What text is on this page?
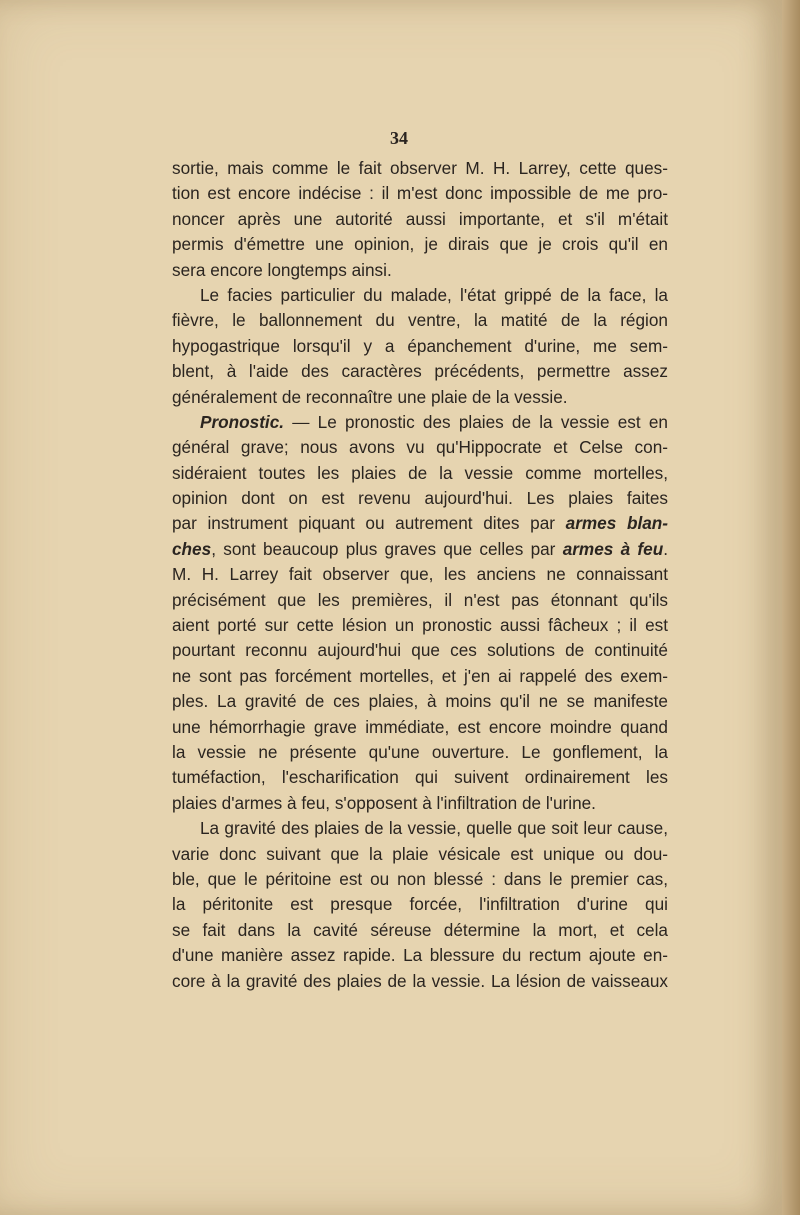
34
sortie, mais comme le fait observer M. H. Larrey, cette ques-
tion est encore indécise : il m'est donc impossible de me pro-
noncer après une autorité aussi importante, et s'il m'était
permis d'émettre une opinion, je dirais que je crois qu'il en
sera encore longtemps ainsi.
Le facies particulier du malade, l'état grippé de la face, la
fièvre, le ballonnement du ventre, la matité de la région
hypogastrique lorsqu'il y a épanchement d'urine, me sem-
blent, à l'aide des caractères précédents, permettre assez
généralement de reconnaître une plaie de la vessie.
Pronostic. — Le pronostic des plaies de la vessie est en
général grave; nous avons vu qu'Hippocrate et Celse con-
sidéraient toutes les plaies de la vessie comme mortelles,
opinion dont on est revenu aujourd'hui. Les plaies faites
par instrument piquant ou autrement dites par armes blan-
ches, sont beaucoup plus graves que celles par armes à feu.
M. H. Larrey fait observer que, les anciens ne connaissant
précisément que les premières, il n'est pas étonnant qu'ils
aient porté sur cette lésion un pronostic aussi fâcheux ; il est
pourtant reconnu aujourd'hui que ces solutions de continuité
ne sont pas forcément mortelles, et j'en ai rappelé des exem-
ples. La gravité de ces plaies, à moins qu'il ne se manifeste
une hémorrhagie grave immédiate, est encore moindre quand
la vessie ne présente qu'une ouverture. Le gonflement, la
tuméfaction, l'escharification qui suivent ordinairement les
plaies d'armes à feu, s'opposent à l'infiltration de l'urine.
La gravité des plaies de la vessie, quelle que soit leur cause,
varie donc suivant que la plaie vésicale est unique ou dou-
ble, que le péritoine est ou non blessé : dans le premier cas,
la péritonite est presque forcée, l'infiltration d'urine qui
se fait dans la cavité séreuse détermine la mort, et cela
d'une manière assez rapide. La blessure du rectum ajoute en-
core à la gravité des plaies de la vessie. La lésion de vaisseaux
